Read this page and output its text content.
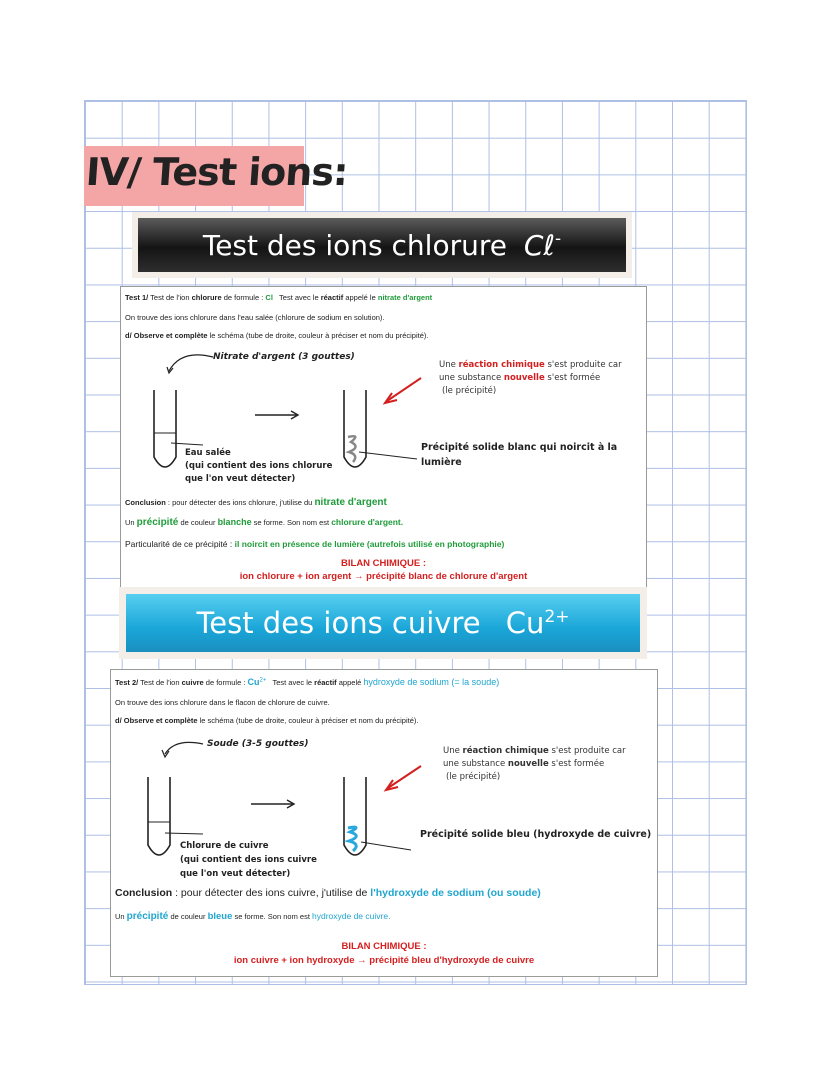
IV/ Test ions:
Test des ions chlorure Cℓ-
Test 1/ Test de l'ion chlorure de formule : Cl   Test avec le réactif appelé le nitrate d'argent
On trouve des ions chlorure dans l'eau salée (chlorure de sodium en solution).
d/ Observe et complète le schéma (tube de droite, couleur à préciser et nom du précipité).
Nitrate d'argent (3 gouttes)
Une réaction chimique s'est produite car
une substance nouvelle s'est formée
(le précipité)
Eau salée
(qui contient des ions chlorure
que l'on veut détecter)
Précipité solide blanc qui noircit à la
lumière
Conclusion : pour détecter des ions chlorure, j'utilise du nitrate d'argent
Un précipité de couleur blanche se forme. Son nom est chlorure d'argent.
Particularité de ce précipité : il noircit en présence de lumière (autrefois utilisé en photographie)
BILAN CHIMIQUE :
ion chlorure + ion argent → précipité blanc de chlorure d'argent
Test des ions cuivre $Cu^{2+}$
Test 2/ Test de l'ion cuivre de formule : $Cu^{2+}$   Test avec le réactif appelé hydroxyde de sodium (= la soude)
On trouve des ions chlorure dans le flacon de chlorure de cuivre.
d/ Observe et complète le schéma (tube de droite, couleur à préciser et nom du précipité).
Soude (3-5 gouttes)
Une réaction chimique s'est produite car
une substance nouvelle s'est formée
(le précipité)
Chlorure de cuivre
(qui contient des ions cuivre
que l'on veut détecter)
Précipité solide bleu (hydroxyde de cuivre)
Conclusion : pour détecter des ions cuivre, j'utilise de l'hydroxyde de sodium (ou soude)
Un précipité de couleur bleue se forme. Son nom est hydroxyde de cuivre.
BILAN CHIMIQUE :
ion cuivre + ion hydroxyde → précipité bleu d'hydroxyde de cuivre
